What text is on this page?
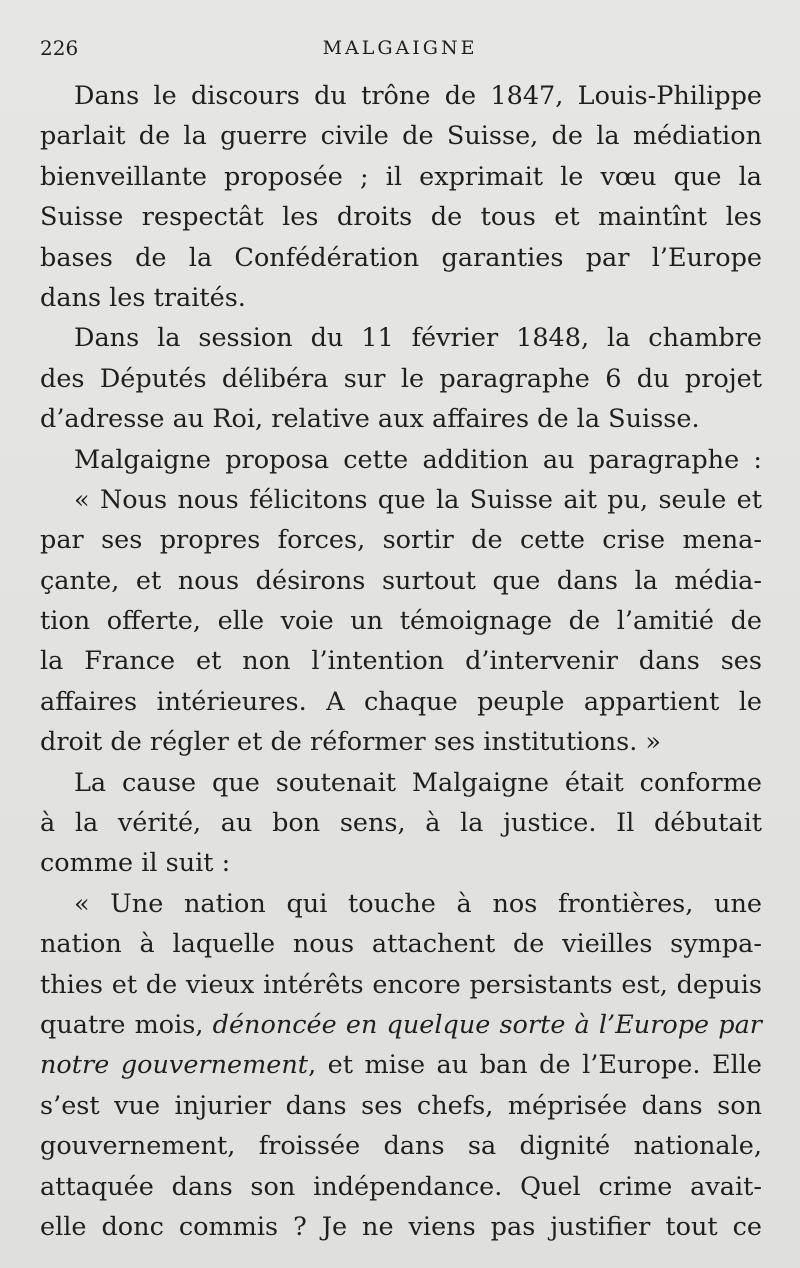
226	MALGAIGNE
Dans le discours du trône de 1847, Louis-Philippe
parlait de la guerre civile de Suisse, de la médiation
bienveillante proposée ; il exprimait le vœu que la
Suisse respectât les droits de tous et maintînt les
bases de la Confédération garanties par l’Europe
dans les traités.
Dans la session du 11 février 1848, la chambre
des Députés délibéra sur le paragraphe 6 du projet
d’adresse au Roi, relative aux affaires de la Suisse.
Malgaigne proposa cette addition au paragraphe :
« Nous nous félicitons que la Suisse ait pu, seule et
par ses propres forces, sortir de cette crise mena-
çante, et nous désirons surtout que dans la média-
tion offerte, elle voie un témoignage de l’amitié de
la France et non l’intention d’intervenir dans ses
affaires intérieures. A chaque peuple appartient le
droit de régler et de réformer ses institutions. »
La cause que soutenait Malgaigne était conforme
à la vérité, au bon sens, à la justice. Il débutait
comme il suit :
« Une nation qui touche à nos frontières, une
nation à laquelle nous attachent de vieilles sympa-
thies et de vieux intérêts encore persistants est, depuis
quatre mois, dénoncée en quelque sorte à l’Europe par
notre gouvernement, et mise au ban de l’Europe. Elle
s’est vue injurier dans ses chefs, méprisée dans son
gouvernement, froissée dans sa dignité nationale,
attaquée dans son indépendance. Quel crime avait-
elle donc commis ? Je ne viens pas justifier tout ce
